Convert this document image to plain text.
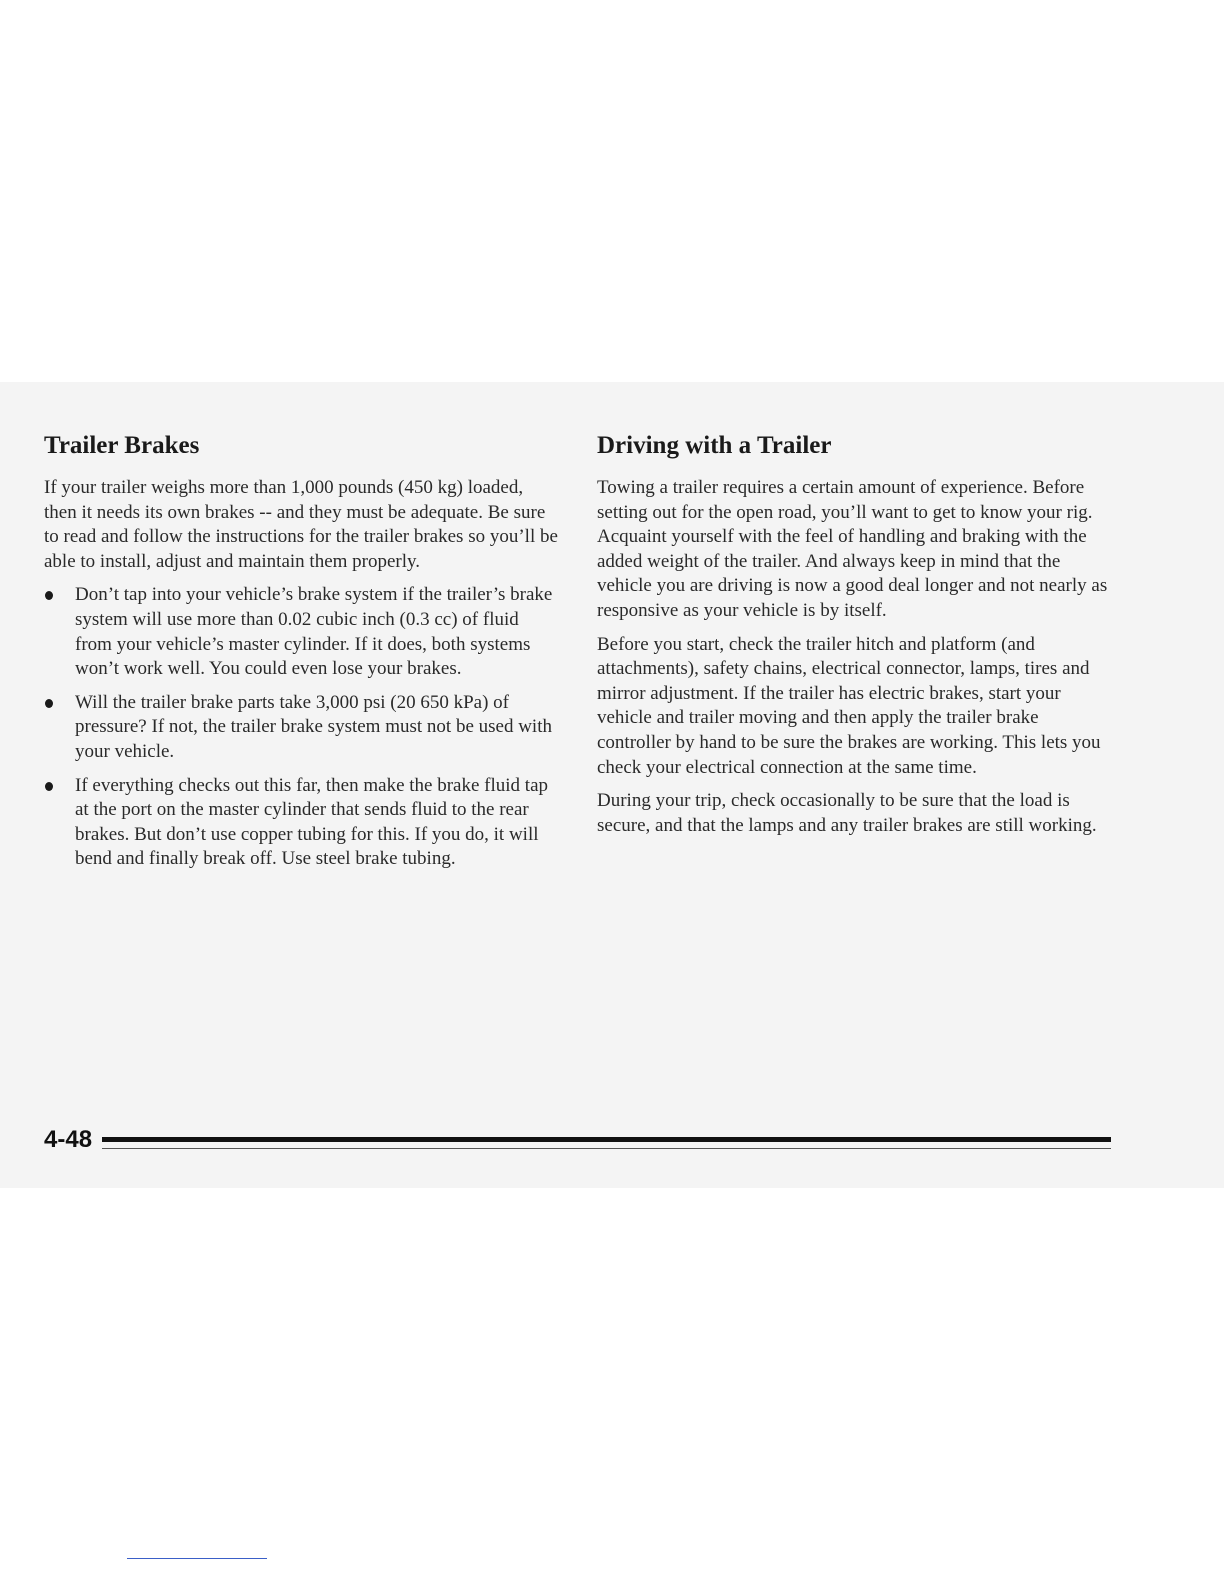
Trailer Brakes

If your trailer weighs more than 1,000 pounds (450 kg) loaded, then it needs its own brakes -- and they must be adequate. Be sure to read and follow the instructions for the trailer brakes so you’ll be able to install, adjust and maintain them properly.

Don’t tap into your vehicle’s brake system if the trailer’s brake system will use more than 0.02 cubic inch (0.3 cc) of fluid from your vehicle’s master cylinder. If it does, both systems won’t work well. You could even lose your brakes.
Will the trailer brake parts take 3,000 psi (20 650 kPa) of pressure? If not, the trailer brake system must not be used with your vehicle.
If everything checks out this far, then make the brake fluid tap at the port on the master cylinder that sends fluid to the rear brakes. But don’t use copper tubing for this. If you do, it will bend and finally break off. Use steel brake tubing.
Driving with a Trailer

Towing a trailer requires a certain amount of experience. Before setting out for the open road, you’ll want to get to know your rig. Acquaint yourself with the feel of handling and braking with the added weight of the trailer. And always keep in mind that the vehicle you are driving is now a good deal longer and not nearly as responsive as your vehicle is by itself.

Before you start, check the trailer hitch and platform (and attachments), safety chains, electrical connector, lamps, tires and mirror adjustment. If the trailer has electric brakes, start your vehicle and trailer moving and then apply the trailer brake controller by hand to be sure the brakes are working. This lets you check your electrical connection at the same time.

During your trip, check occasionally to be sure that the load is secure, and that the lamps and any trailer brakes are still working.

4-48
